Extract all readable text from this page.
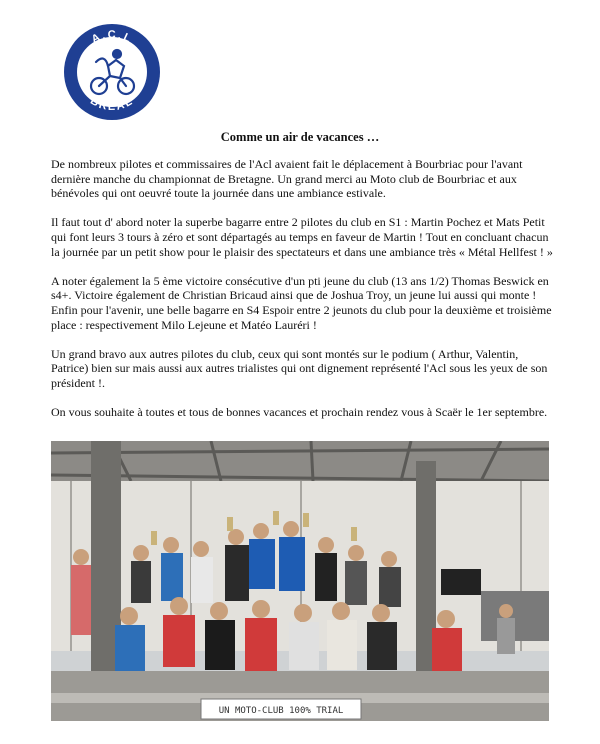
A.C.L
BREAL
Comme un air de vacances …

De nombreux pilotes et commissaires de l'Acl avaient fait le déplacement à Bourbriac pour l'avant dernière manche du championnat de Bretagne. Un grand merci au Moto club de Bourbriac et aux bénévoles qui ont oeuvré toute la journée dans une ambiance estivale.

Il faut tout d' abord noter la superbe bagarre entre 2 pilotes du club en S1 : Martin Pochez et Mats Petit qui font leurs 3 tours à zéro et sont départagés au temps en faveur de Martin ! Tout en concluant chacun la journée par un petit show pour le plaisir des spectateurs et dans une ambiance très « Métal Hellfest ! »

A noter également la 5 ème victoire consécutive d'un pti jeune du club (13 ans 1/2) Thomas Beswick en s4+. Victoire également de Christian Bricaud ainsi que de Joshua Troy, un jeune lui aussi qui monte ! Enfin pour l'avenir, une belle bagarre en S4 Espoir entre 2 jeunots du club pour la deuxième et troisième place : respectivement Milo Lejeune et Matéo Lauréri !

Un grand bravo aux autres pilotes du club, ceux qui sont montés sur le podium ( Arthur, Valentin, Patrice) bien sur mais aussi aux autres trialistes qui ont dignement représenté l'Acl sous les yeux de son président !.

On vous souhaite à toutes et tous de bonnes vacances et prochain rendez vous à Scaër le 1er septembre.

UN MOTO-CLUB 100% TRIAL
